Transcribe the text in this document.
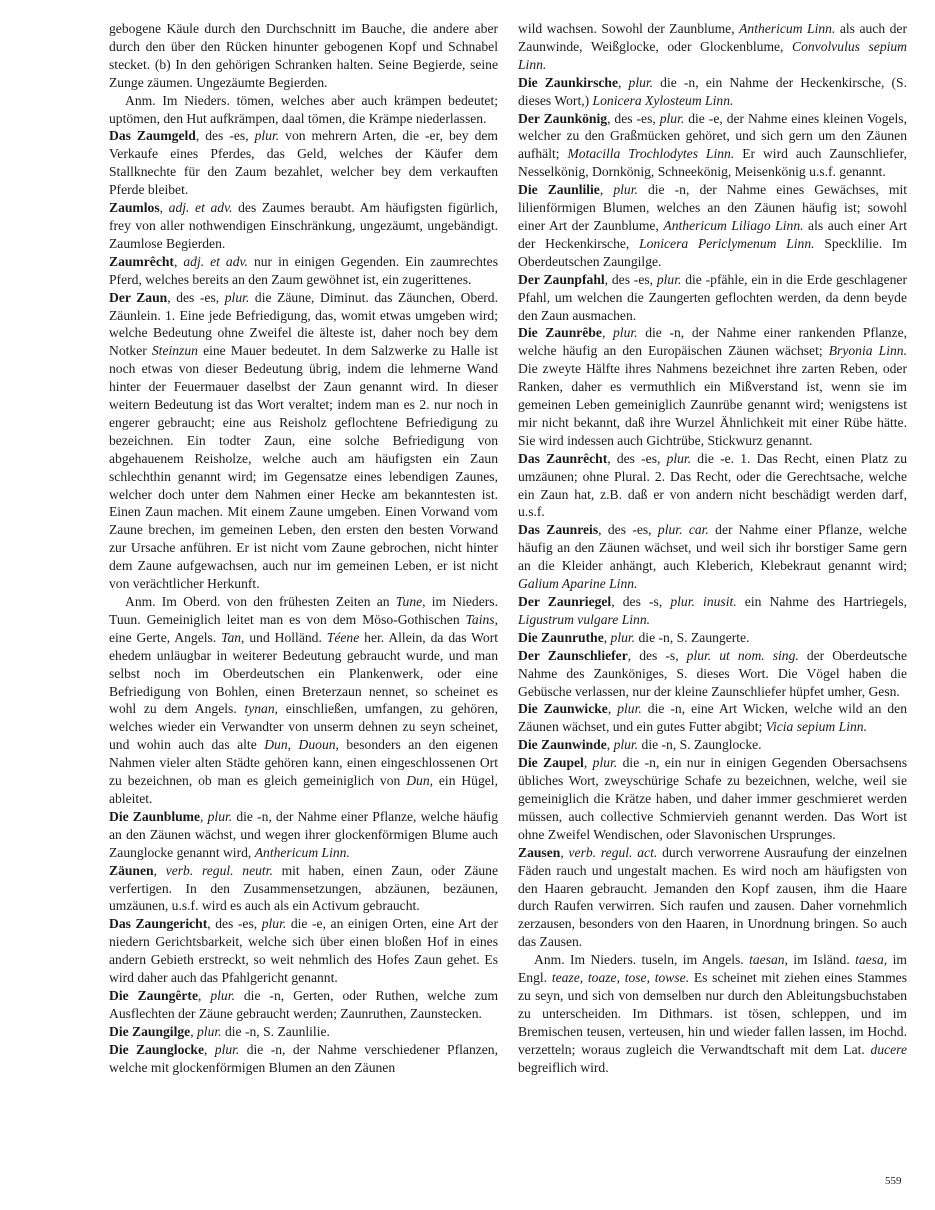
gebogene Käule durch den Durchschnitt im Bauche, die andere aber durch den über den Rücken hinunter gebogenen Kopf und Schnabel stecket. (b) In den gehörigen Schranken halten. Seine Begierde, seine Zunge zäumen. Ungezäumte Begierden.

Anm. Im Nieders. tömen, welches aber auch krämpen bedeutet; uptömen, den Hut aufkrämpen, daal tömen, die Krämpe niederlassen.

Das Zaumgeld, des -es, plur. von mehrern Arten, die -er, bey dem Verkaufe eines Pferdes, das Geld, welches der Käufer dem Stallknechte für den Zaum bezahlet, welcher bey dem verkauften Pferde bleibet.

Zaumlos, adj. et adv. des Zaumes beraubt. Am häufigsten figürlich, frey von aller nothwendigen Einschränkung, ungezäumt, ungebändigt. Zaumlose Begierden.

Zaumrêcht, adj. et adv. nur in einigen Gegenden. Ein zaumrechtes Pferd, welches bereits an den Zaum gewöhnet ist, ein zugerittenes.

Der Zaun, des -es, plur. die Zäune, Diminut. das Zäunchen, Oberd. Zäunlein. 1. Eine jede Befriedigung, das, womit etwas umgeben wird; welche Bedeutung ohne Zweifel die älteste ist, daher noch bey dem Notker Steinzun eine Mauer bedeutet. In dem Salzwerke zu Halle ist noch etwas von dieser Bedeutung übrig, indem die lehmerne Wand hinter der Feuermauer daselbst der Zaun genannt wird. In dieser weitern Bedeutung ist das Wort veraltet; indem man es 2. nur noch in engerer gebraucht; eine aus Reisholz geflochtene Befriedigung zu bezeichnen. Ein todter Zaun, eine solche Befriedigung von abgehauenem Reisholze, welche auch am häufigsten ein Zaun schlechthin genannt wird; im Gegensatze eines lebendigen Zaunes, welcher doch unter dem Nahmen einer Hecke am bekanntesten ist. Einen Zaun machen. Mit einem Zaune umgeben. Einen Vorwand vom Zaune brechen, im gemeinen Leben, den ersten den besten Vorwand zur Ursache anführen. Er ist nicht vom Zaune gebrochen, nicht hinter dem Zaune aufgewachsen, auch nur im gemeinen Leben, er ist nicht von verächtlicher Herkunft.

Anm. Im Oberd. von den frühesten Zeiten an Tune, im Nieders. Tuun. Gemeiniglich leitet man es von dem Möso-Gothischen Tains, eine Gerte, Angels. Tan, und Holländ. Téene her. Allein, da das Wort ehedem unläugbar in weiterer Bedeutung gebraucht wurde, und man selbst noch im Oberdeutschen ein Plankenwerk, oder eine Befriedigung von Bohlen, einen Breterzaun nennet, so scheinet es wohl zu dem Angels. tynan, einschließen, umfangen, zu gehören, welches wieder ein Verwandter von unserm dehnen zu seyn scheinet, und wohin auch das alte Dun, Duoun, besonders an den eigenen Nahmen vieler alten Städte gehören kann, einen eingeschlossenen Ort zu bezeichnen, ob man es gleich gemeiniglich von Dun, ein Hügel, ableitet.

Die Zaunblume, plur. die -n, der Nahme einer Pflanze, welche häufig an den Zäunen wächst, und wegen ihrer glockenförmigen Blume auch Zaunglocke genannt wird, Anthericum Linn.

Zäunen, verb. regul. neutr. mit haben, einen Zaun, oder Zäune verfertigen. In den Zusammensetzungen, abzäunen, bezäunen, umzäunen, u.s.f. wird es auch als ein Activum gebraucht.

Das Zaungericht, des -es, plur. die -e, an einigen Orten, eine Art der niedern Gerichtsbarkeit, welche sich über einen bloßen Hof in eines andern Gebieth erstreckt, so weit nehmlich des Hofes Zaun gehet. Es wird daher auch das Pfahlgericht genannt.

Die Zaungêrte, plur. die -n, Gerten, oder Ruthen, welche zum Ausflechten der Zäune gebraucht werden; Zaunruthen, Zaunstecken.

Die Zaungilge, plur. die -n, S. Zaunlilie.

Die Zaunglocke, plur. die -n, der Nahme verschiedener Pflanzen, welche mit glockenförmigen Blumen an den Zäunen

wild wachsen. Sowohl der Zaunblume, Anthericum Linn. als auch der Zaunwinde, Weißglocke, oder Glockenblume, Convolvulus sepium Linn.

Die Zaunkirsche, plur. die -n, ein Nahme der Heckenkirsche, (S. dieses Wort,) Lonicera Xylosteum Linn.

Der Zaunkönig, des -es, plur. die -e, der Nahme eines kleinen Vogels, welcher zu den Graßmücken gehöret, und sich gern um den Zäunen aufhält; Motacilla Trochlodytes Linn. Er wird auch Zaunschliefer, Nesselkönig, Dornkönig, Schneekönig, Meisenkönig u.s.f. genannt.

Die Zaunlilie, plur. die -n, der Nahme eines Gewächses, mit lilienförmigen Blumen, welches an den Zäunen häufig ist; sowohl einer Art der Zaunblume, Anthericum Liliago Linn. als auch einer Art der Heckenkirsche, Lonicera Periclymenum Linn. Specklilie. Im Oberdeutschen Zaungilge.

Der Zaunpfahl, des -es, plur. die -pfähle, ein in die Erde geschlagener Pfahl, um welchen die Zaungerten geflochten werden, da denn beyde den Zaun ausmachen.

Die Zaunrêbe, plur. die -n, der Nahme einer rankenden Pflanze, welche häufig an den Europäischen Zäunen wächset; Bryonia Linn. Die zweyte Hälfte ihres Nahmens bezeichnet ihre zarten Reben, oder Ranken, daher es vermuthlich ein Mißverstand ist, wenn sie im gemeinen Leben gemeiniglich Zaunrübe genannt wird; wenigstens ist mir nicht bekannt, daß ihre Wurzel Ähnlichkeit mit einer Rübe hätte. Sie wird indessen auch Gichtrübe, Stickwurz genannt.

Das Zaunrêcht, des -es, plur. die -e. 1. Das Recht, einen Platz zu umzäunen; ohne Plural. 2. Das Recht, oder die Gerechtsache, welche ein Zaun hat, z.B. daß er von andern nicht beschädigt werden darf, u.s.f.

Das Zaunreis, des -es, plur. car. der Nahme einer Pflanze, welche häufig an den Zäunen wächset, und weil sich ihr borstiger Same gern an die Kleider anhängt, auch Kleberich, Klebekraut genannt wird; Galium Aparine Linn.

Der Zaunriegel, des -s, plur. inusit. ein Nahme des Hartriegels, Ligustrum vulgare Linn.

Die Zaunruthe, plur. die -n, S. Zaungerte.

Der Zaunschliefer, des -s, plur. ut nom. sing. der Oberdeutsche Nahme des Zaunköniges, S. dieses Wort. Die Vögel haben die Gebüsche verlassen, nur der kleine Zaunschliefer hüpfet umher, Gesn.

Die Zaunwicke, plur. die -n, eine Art Wicken, welche wild an den Zäunen wächset, und ein gutes Futter abgibt; Vicia sepium Linn.

Die Zaunwinde, plur. die -n, S. Zaunglocke.

Die Zaupel, plur. die -n, ein nur in einigen Gegenden Obersachsens übliches Wort, zweyschürige Schafe zu bezeichnen, welche, weil sie gemeiniglich die Krätze haben, und daher immer geschmieret werden müssen, auch collective Schmiervieh genannt werden. Das Wort ist ohne Zweifel Wendischen, oder Slavonischen Ursprunges.

Zausen, verb. regul. act. durch verworrene Ausraufung der einzelnen Fäden rauch und ungestalt machen. Es wird noch am häufigsten von den Haaren gebraucht. Jemanden den Kopf zausen, ihm die Haare durch Raufen verwirren. Sich raufen und zausen. Daher vornehmlich zerzausen, besonders von den Haaren, in Unordnung bringen. So auch das Zausen.

Anm. Im Nieders. tuseln, im Angels. taesan, im Isländ. taesa, im Engl. teaze, toaze, tose, towse. Es scheinet mit ziehen eines Stammes zu seyn, und sich von demselben nur durch den Ableitungsbuchstaben zu unterscheiden. Im Dithmars. ist tösen, schleppen, und im Bremischen teusen, verteusen, hin und wieder fallen lassen, im Hochd. verzetteln; woraus zugleich die Verwandtschaft mit dem Lat. ducere begreiflich wird.

559
